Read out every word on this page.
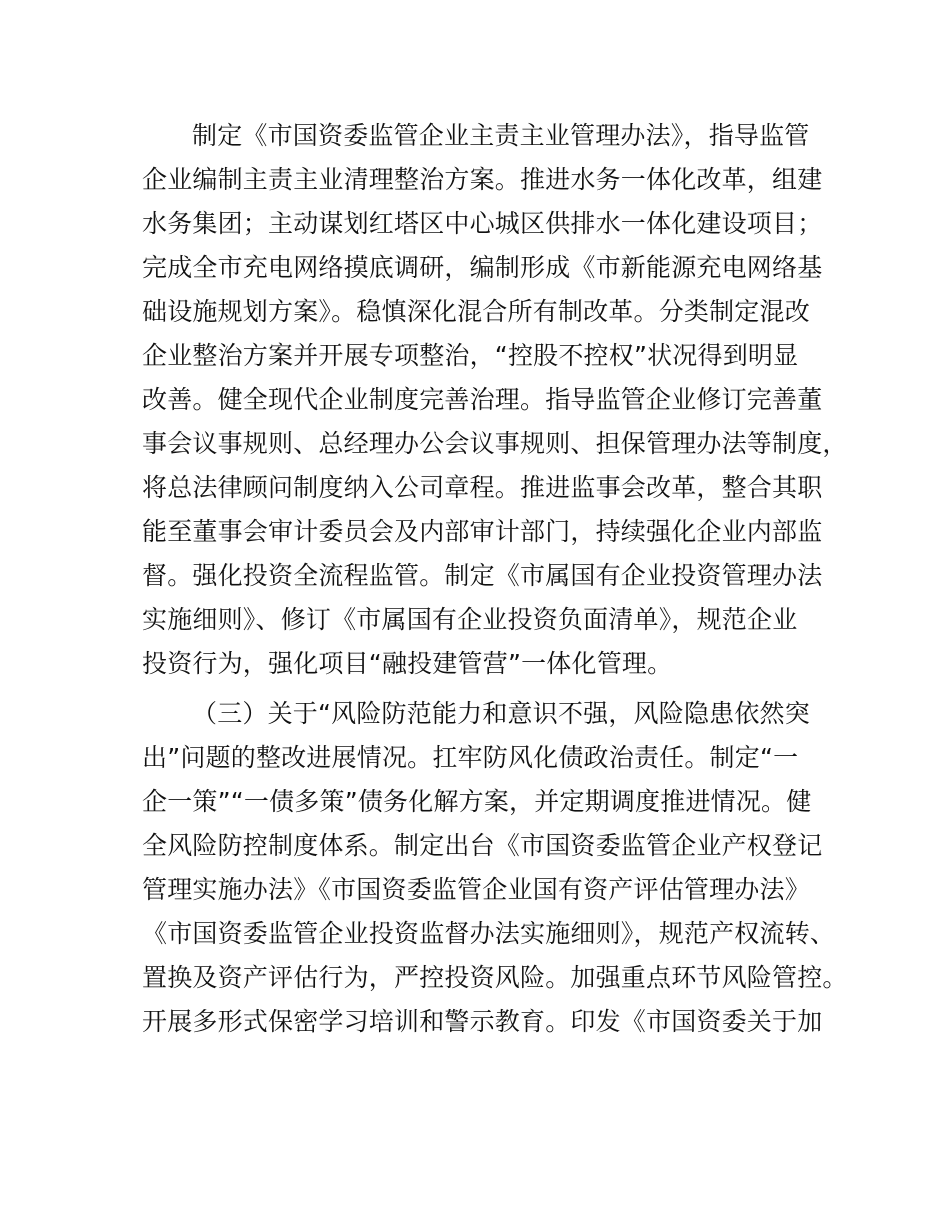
制定《市国资委监管企业主责主业管理办法》，指导监管
企业编制主责主业清理整治方案。推进水务一体化改革，组建
水务集团；主动谋划红塔区中心城区供排水一体化建设项目；
完成全市充电网络摸底调研，编制形成《市新能源充电网络基
础设施规划方案》。稳慎深化混合所有制改革。分类制定混改
企业整治方案并开展专项整治，“控股不控权”状况得到明显
改善。健全现代企业制度完善治理。指导监管企业修订完善董
事会议事规则、总经理办公会议事规则、担保管理办法等制度，
将总法律顾问制度纳入公司章程。推进监事会改革，整合其职
能至董事会审计委员会及内部审计部门，持续强化企业内部监
督。强化投资全流程监管。制定《市属国有企业投资管理办法
实施细则》、修订《市属国有企业投资负面清单》，规范企业
投资行为，强化项目“融投建管营”一体化管理。
（三）关于“风险防范能力和意识不强，风险隐患依然突
出”问题的整改进展情况。扛牢防风化债政治责任。制定“一
企一策”“一债多策”债务化解方案，并定期调度推进情况。健
全风险防控制度体系。制定出台《市国资委监管企业产权登记
管理实施办法》《市国资委监管企业国有资产评估管理办法》
《市国资委监管企业投资监督办法实施细则》，规范产权流转、
置换及资产评估行为，严控投资风险。加强重点环节风险管控。
开展多形式保密学习培训和警示教育。印发《市国资委关于加
